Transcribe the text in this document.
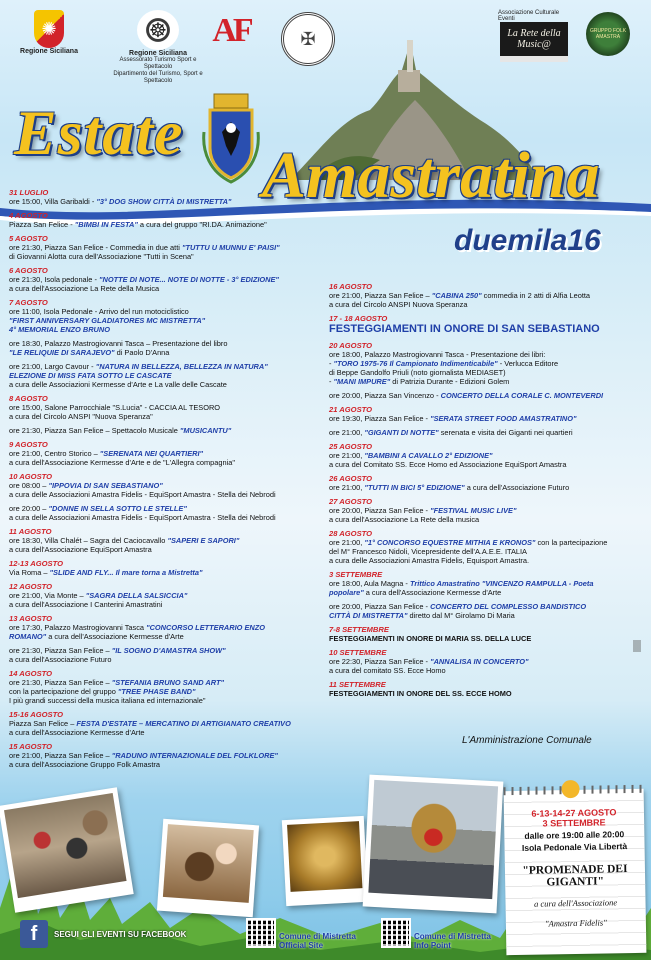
✺
Regione Siciliana
☸
Regione Siciliana
Assessorato Turismo Sport e Spettacolo
Dipartimento del Turismo, Sport e Spettacolo
AF	✠
Associazione Culturale Eventi
La Rete della Music@
GRUPPO FOLK AMASTRA
Estate
Amastratina
duemila16
31 LUGLIO
ore 15:00, Villa Garibaldi - "3° DOG SHOW CITTÀ DI MISTRETTA"
4 AGOSTO
Piazza San Felice - "BIMBI IN FESTA" a cura del gruppo "RI.DA. Animazione"
5 AGOSTO
ore 21:30, Piazza San Felice - Commedia in due atti "TUTTU U MUNNU E' PAISI"
di Giovanni Alotta cura dell'Associazione "Tutti in Scena"
6 AGOSTO
ore 21:30, Isola pedonale - "NOTTE DI NOTE... NOTE DI NOTTE - 3° EDIZIONE"
a cura dell'Associazione La Rete della Musica
7 AGOSTO
ore 11:00, Isola Pedonale - Arrivo del run motociclistico
"FIRST ANNIVERSARY GLADIATORES MC MISTRETTA"
4° MEMORIAL ENZO BRUNO
ore 18:30, Palazzo Mastrogiovanni Tasca – Presentazione del libro
"LE RELIQUIE DI SARAJEVO" di Paolo D'Anna
ore 21:00, Largo Cavour - "NATURA IN BELLEZZA, BELLEZZA IN NATURA"
ELEZIONE DI MISS FATA SOTTO LE CASCATE
a cura delle Associazioni Kermesse d'Arte e La valle delle Cascate
8 AGOSTO
ore 15:00, Salone Parrocchiale "S.Lucia" - CACCIA AL TESORO
a cura del Circolo ANSPI "Nuova Speranza"
ore 21:30, Piazza San Felice – Spettacolo Musicale "MUSICANTU"
9 AGOSTO
ore 21:00, Centro Storico – "SERENATA NEI QUARTIERI"
a cura dell'Associazione Kermesse d'Arte e de "L'Allegra compagnia"
10 AGOSTO
ore 08:00 – "IPPOVIA DI SAN SEBASTIANO"
a cura delle Associazioni Amastra Fidelis - EquiSport Amastra - Stella dei Nebrodi
ore 20:00 – "DONNE IN SELLA SOTTO LE STELLE"
a cura delle Associazioni Amastra Fidelis - EquiSport Amastra - Stella dei Nebrodi
11 AGOSTO
ore 18:30, Villa Chalét – Sagra del Caciocavallo "SAPERI E SAPORI"
a cura dell'Associazione EquiSport Amastra
12-13 AGOSTO
Via Roma – "SLIDE AND FLY... Il mare torna a Mistretta"
12 AGOSTO
ore 21:00, Via Monte – "SAGRA DELLA SALSICCIA"
a cura dell'Associazione I Canterini Amastratini
13 AGOSTO
ore 17:30, Palazzo Mastrogiovanni Tasca "CONCORSO LETTERARIO ENZO
ROMANO" a cura dell'Associazione Kermesse d'Arte
ore 21:30, Piazza San Felice – "IL SOGNO D'AMASTRA SHOW"
a cura dell'Associazione Futuro
14 AGOSTO
ore 21:30, Piazza San Felice – "STEFANIA BRUNO SAND ART"
con la partecipazione del gruppo "TREE PHASE BAND"
I più grandi successi della musica italiana ed internazionale"
15-16 AGOSTO
Piazza San Felice – FESTA D'ESTATE – MERCATINO DI ARTIGIANATO CREATIVO
a cura dell'Associazione Kermesse d'Arte
15 AGOSTO
ore 21:00, Piazza San Felice – "RADUNO INTERNAZIONALE DEL FOLKLORE"
a cura dell'Associazione Gruppo Folk Amastra
16 AGOSTO
ore 21:00, Piazza San Felice – "CABINA 250" commedia in 2 atti di Alfia Leotta
a cura del Circolo ANSPI Nuova Speranza
17 - 18 AGOSTO
FESTEGGIAMENTI IN ONORE DI SAN SEBASTIANO
20 AGOSTO
ore 18:00, Palazzo Mastrogiovanni Tasca - Presentazione dei libri:
- "TORO 1975-76 Il Campionato Indimenticabile" - Verlucca Editore
di Beppe Gandolfo Priuli (noto giornalista MEDIASET)
- "MANI IMPURE" di Patrizia Durante - Edizioni Golem
ore 20:00, Piazza San Vincenzo - CONCERTO DELLA CORALE C. MONTEVERDI
21 AGOSTO
ore 19:30, Piazza San Felice - "SERATA STREET FOOD AMASTRATINO"
ore 21:00, "GIGANTI DI NOTTE" serenata e visita dei Giganti nei quartieri
25 AGOSTO
ore 21:00, "BAMBINI A CAVALLO 2° EDIZIONE"
a cura del Comitato SS. Ecce Homo ed Associazione EquiSport Amastra
26 AGOSTO
ore 21:00, "TUTTI IN BICI 5° EDIZIONE" a cura dell'Associazione Futuro
27 AGOSTO
ore 20:00, Piazza San Felice - "FESTIVAL MUSIC LIVE"
a cura dell'Associazione La Rete della musica
28 AGOSTO
ore 21:00, "1° CONCORSO EQUESTRE MITHIA E KRONOS" con la partecipazione
del M° Francesco Nidoli, Vicepresidente dell'A.A.E.E. ITALIA
a cura delle Associazioni Amastra Fidelis, Equisport Amastra.
3 SETTEMBRE
ore 18:00, Aula Magna - Trittico Amastratino "VINCENZO RAMPULLA - Poeta
popolare" a cura dell'Associazione Kermesse d'Arte
ore 20:00, Piazza San Felice - CONCERTO DEL COMPLESSO BANDISTICO
CITTÀ DI MISTRETTA" diretto dal M° Girolamo Di Maria
7-8 SETTEMBRE
FESTEGGIAMENTI IN ONORE DI MARIA SS. DELLA LUCE
10 SETTEMBRE
ore 22:30, Piazza San Felice - "ANNALISA IN CONCERTO"
a cura del comitato SS. Ecce Homo
11 SETTEMBRE
FESTEGGIAMENTI IN ONORE DEL SS. ECCE HOMO
L'Amministrazione Comunale
f	SEGUI GLI EVENTI SU FACEBOOK	Comune di Mistretta
Official Site
Comune di Mistretta
Info Point
6-13-14-27 AGOSTO
3 SETTEMBRE
dalle ore 19:00 alle 20:00
Isola Pedonale Via Libertà
"PROMENADE DEI GIGANTI"
a cura dell'Associazione
"Amastra Fidelis"
